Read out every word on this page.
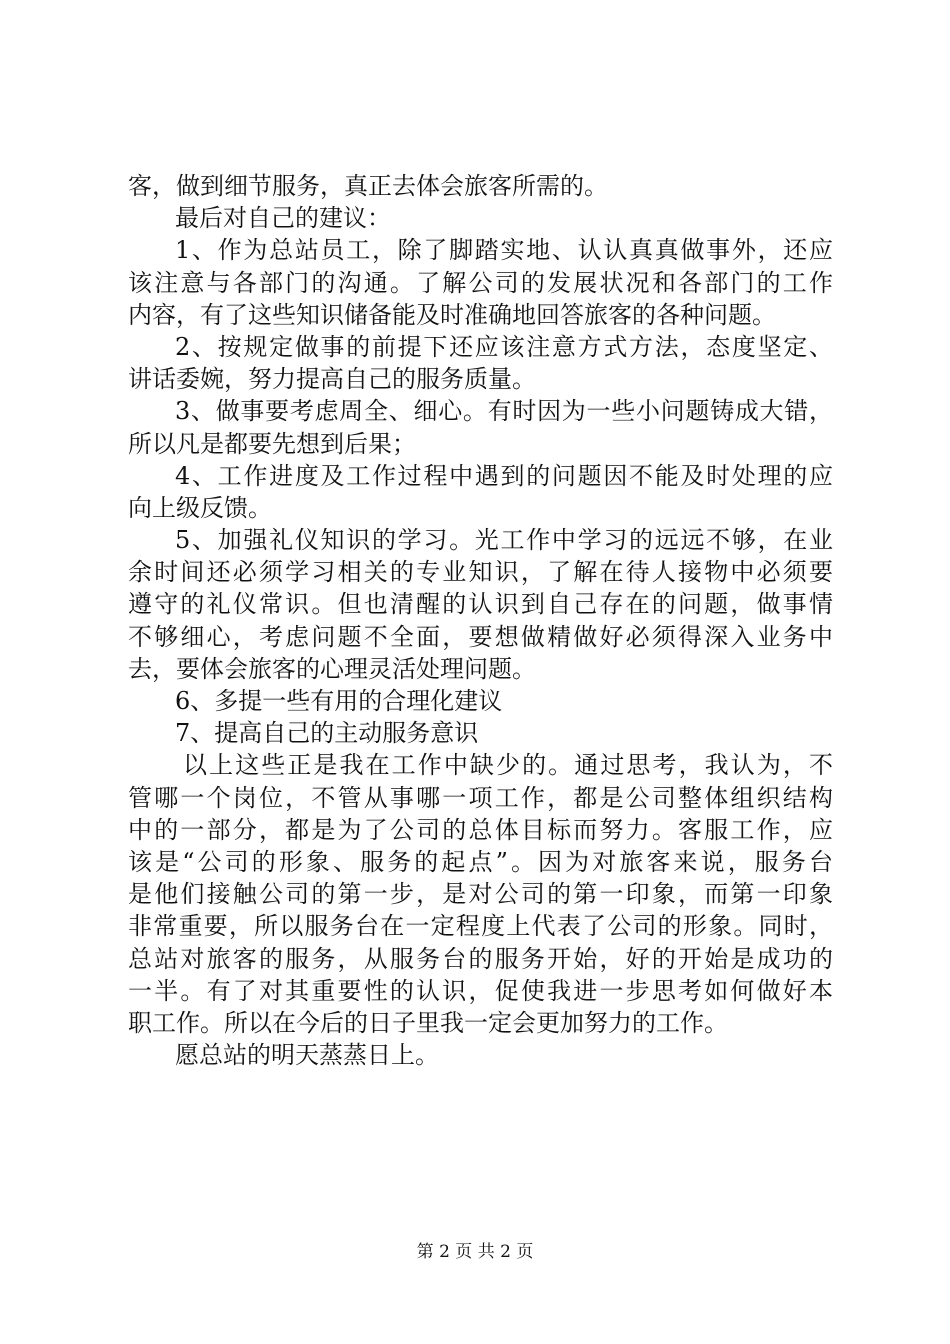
客，做到细节服务，真正去体会旅客所需的。
最后对自己的建议：
1、作为总站员工，除了脚踏实地、认认真真做事外，还应
该注意与各部门的沟通。了解公司的发展状况和各部门的工作
内容，有了这些知识储备能及时准确地回答旅客的各种问题。
2、按规定做事的前提下还应该注意方式方法，态度坚定、
讲话委婉，努力提高自己的服务质量。
3、做事要考虑周全、细心。有时因为一些小问题铸成大错，
所以凡是都要先想到后果；
4、工作进度及工作过程中遇到的问题因不能及时处理的应
向上级反馈。
5、加强礼仪知识的学习。光工作中学习的远远不够，在业
余时间还必须学习相关的专业知识，了解在待人接物中必须要
遵守的礼仪常识。但也清醒的认识到自己存在的问题，做事情
不够细心，考虑问题不全面，要想做精做好必须得深入业务中
去，要体会旅客的心理灵活处理问题。
6、多提一些有用的合理化建议
7、提高自己的主动服务意识
以上这些正是我在工作中缺少的。通过思考，我认为，不
管哪一个岗位，不管从事哪一项工作，都是公司整体组织结构
中的一部分，都是为了公司的总体目标而努力。客服工作，应
该是“公司的形象、服务的起点”。因为对旅客来说，服务台
是他们接触公司的第一步，是对公司的第一印象，而第一印象
非常重要，所以服务台在一定程度上代表了公司的形象。同时，
总站对旅客的服务，从服务台的服务开始，好的开始是成功的
一半。有了对其重要性的认识，促使我进一步思考如何做好本
职工作。所以在今后的日子里我一定会更加努力的工作。
愿总站的明天蒸蒸日上。
第 2 页 共 2 页
